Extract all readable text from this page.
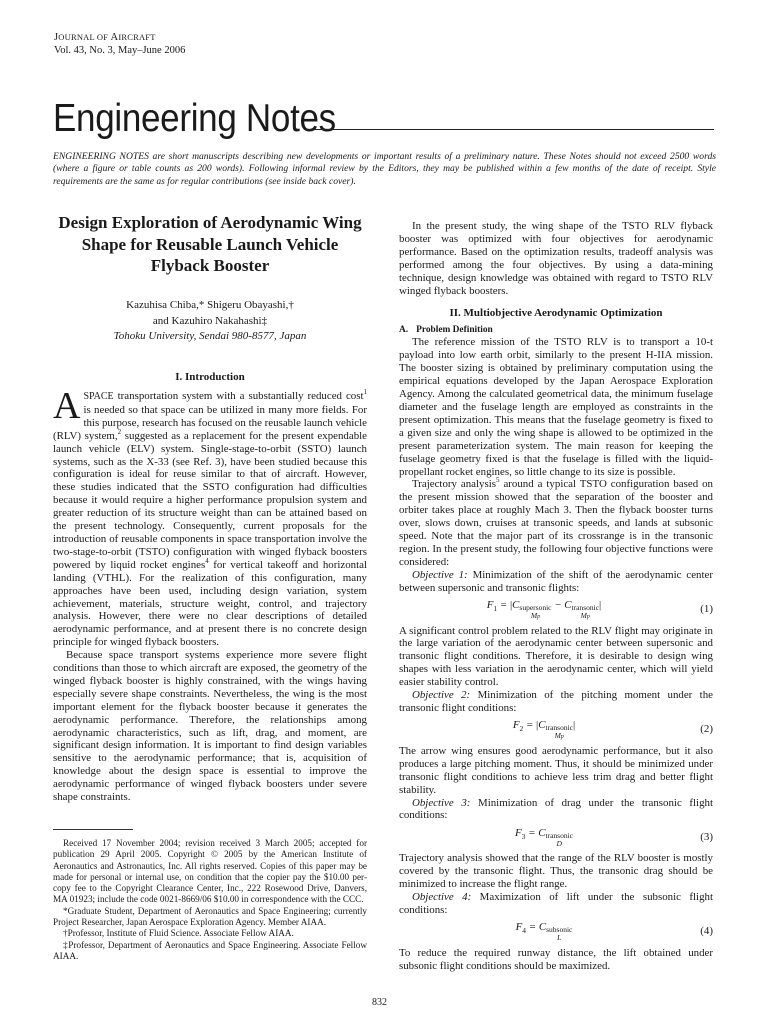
JOURNAL OF AIRCRAFT
Vol. 43, No. 3, May–June 2006
Engineering Notes
ENGINEERING NOTES are short manuscripts describing new developments or important results of a preliminary nature. These Notes should not exceed 2500 words (where a figure or table counts as 200 words). Following informal review by the Editors, they may be published within a few months of the date of receipt. Style requirements are the same as for regular contributions (see inside back cover).
Design Exploration of Aerodynamic Wing Shape for Reusable Launch Vehicle Flyback Booster
Kazuhisa Chiba,* Shigeru Obayashi,†
and Kazuhiro Nakahashi‡
Tohoku University, Sendai 980-8577, Japan
I. Introduction

ASPACE transportation system with a substantially reduced cost$^1$ is needed so that space can be utilized in many more fields. For this purpose, research has focused on the reusable launch vehicle (RLV) system,$^2$ suggested as a replacement for the present expendable launch vehicle (ELV) system. Single-stage-to-orbit (SSTO) launch systems, such as the X-33 (see Ref. 3), have been studied because this configuration is ideal for reuse similar to that of aircraft. However, these studies indicated that the SSTO configuration had difficulties because it would require a higher performance propulsion system and greater reduction of its structure weight than can be attained based on the present technology. Consequently, current proposals for the introduction of reusable components in space transportation involve the two-stage-to-orbit (TSTO) configuration with winged flyback boosters powered by liquid rocket engines$^4$ for vertical takeoff and horizontal landing (VTHL). For the realization of this configuration, many approaches have been used, including design variation, system achievement, materials, structure weight, control, and trajectory analysis. However, there were no clear descriptions of detailed aerodynamic performance, and at present there is no concrete design principle for winged flyback boosters.

Because space transport systems experience more severe flight conditions than those to which aircraft are exposed, the geometry of the winged flyback booster is highly constrained, with the wings having especially severe shape constraints. Nevertheless, the wing is the most important element for the flyback booster because it generates the aerodynamic performance. Therefore, the relationships among aerodynamic characteristics, such as lift, drag, and moment, are significant design information. It is important to find design variables sensitive to the aerodynamic performance; that is, acquisition of knowledge about the design space is essential to improve the aerodynamic performance of winged flyback boosters under severe shape constraints.

Received 17 November 2004; revision received 3 March 2005; accepted for publication 29 April 2005. Copyright © 2005 by the American Institute of Aeronautics and Astronautics, Inc. All rights reserved. Copies of this paper may be made for personal or internal use, on condition that the copier pay the $10.00 per-copy fee to the Copyright Clearance Center, Inc., 222 Rosewood Drive, Danvers, MA 01923; include the code 0021-8669/06 $10.00 in correspondence with the CCC.

*Graduate Student, Department of Aeronautics and Space Engineering; currently Project Researcher, Japan Aerospace Exploration Agency. Member AIAA.

†Professor, Institute of Fluid Science. Associate Fellow AIAA.

‡Professor, Department of Aeronautics and Space Engineering. Associate Fellow AIAA.

In the present study, the wing shape of the TSTO RLV flyback booster was optimized with four objectives for aerodynamic performance. Based on the optimization results, tradeoff analysis was performed among the four objectives. By using a data-mining technique, design knowledge was obtained with regard to TSTO RLV winged flyback boosters.

II. Multiobjective Aerodynamic Optimization
A. Problem Definition

The reference mission of the TSTO RLV is to transport a 10-t payload into low earth orbit, similarly to the present H-IIA mission. The booster sizing is obtained by preliminary computation using the empirical equations developed by the Japan Aerospace Exploration Agency. Among the calculated geometrical data, the minimum fuselage diameter and the fuselage length are employed as constraints in the present optimization. This means that the fuselage geometry is fixed to a given size and only the wing shape is allowed to be optimized in the present parameterization system. The main reason for keeping the fuselage geometry fixed is that the fuselage is filled with the liquid-propellant rocket engines, so little change to its size is possible.

Trajectory analysis$^5$ around a typical TSTO configuration based on the present mission showed that the separation of the booster and orbiter takes place at roughly Mach 3. Then the flyback booster turns over, slows down, cruises at transonic speeds, and lands at subsonic speed. Note that the major part of its crossrange is in the transonic region. In the present study, the following four objective functions were considered:

Objective 1: Minimization of the shift of the aerodynamic center between supersonic and transonic flights:

$F_1 = |C$ supersonic
Mp
− C transonic
Mp
|	(1)

A significant control problem related to the RLV flight may originate in the large variation of the aerodynamic center between supersonic and transonic flight conditions. Therefore, it is desirable to design wing shapes with less variation in the aerodynamic center, which will yield easier stability control.

Objective 2: Minimization of the pitching moment under the transonic flight conditions:

$F_2 = |C$ transonic
Mp
|	(2)

The arrow wing ensures good aerodynamic performance, but it also produces a large pitching moment. Thus, it should be minimized under transonic flight conditions to achieve less trim drag and better flight stability.

Objective 3: Minimization of drag under the transonic flight conditions:

$F_3 = C$ transonic
D
(3)

Trajectory analysis showed that the range of the RLV booster is mostly covered by the transonic flight. Thus, the transonic drag should be minimized to increase the flight range.

Objective 4: Maximization of lift under the subsonic flight conditions:

$F_4 = C$ subsonic
L
(4)

To reduce the required runway distance, the lift obtained under subsonic flight conditions should be maximized.

832
